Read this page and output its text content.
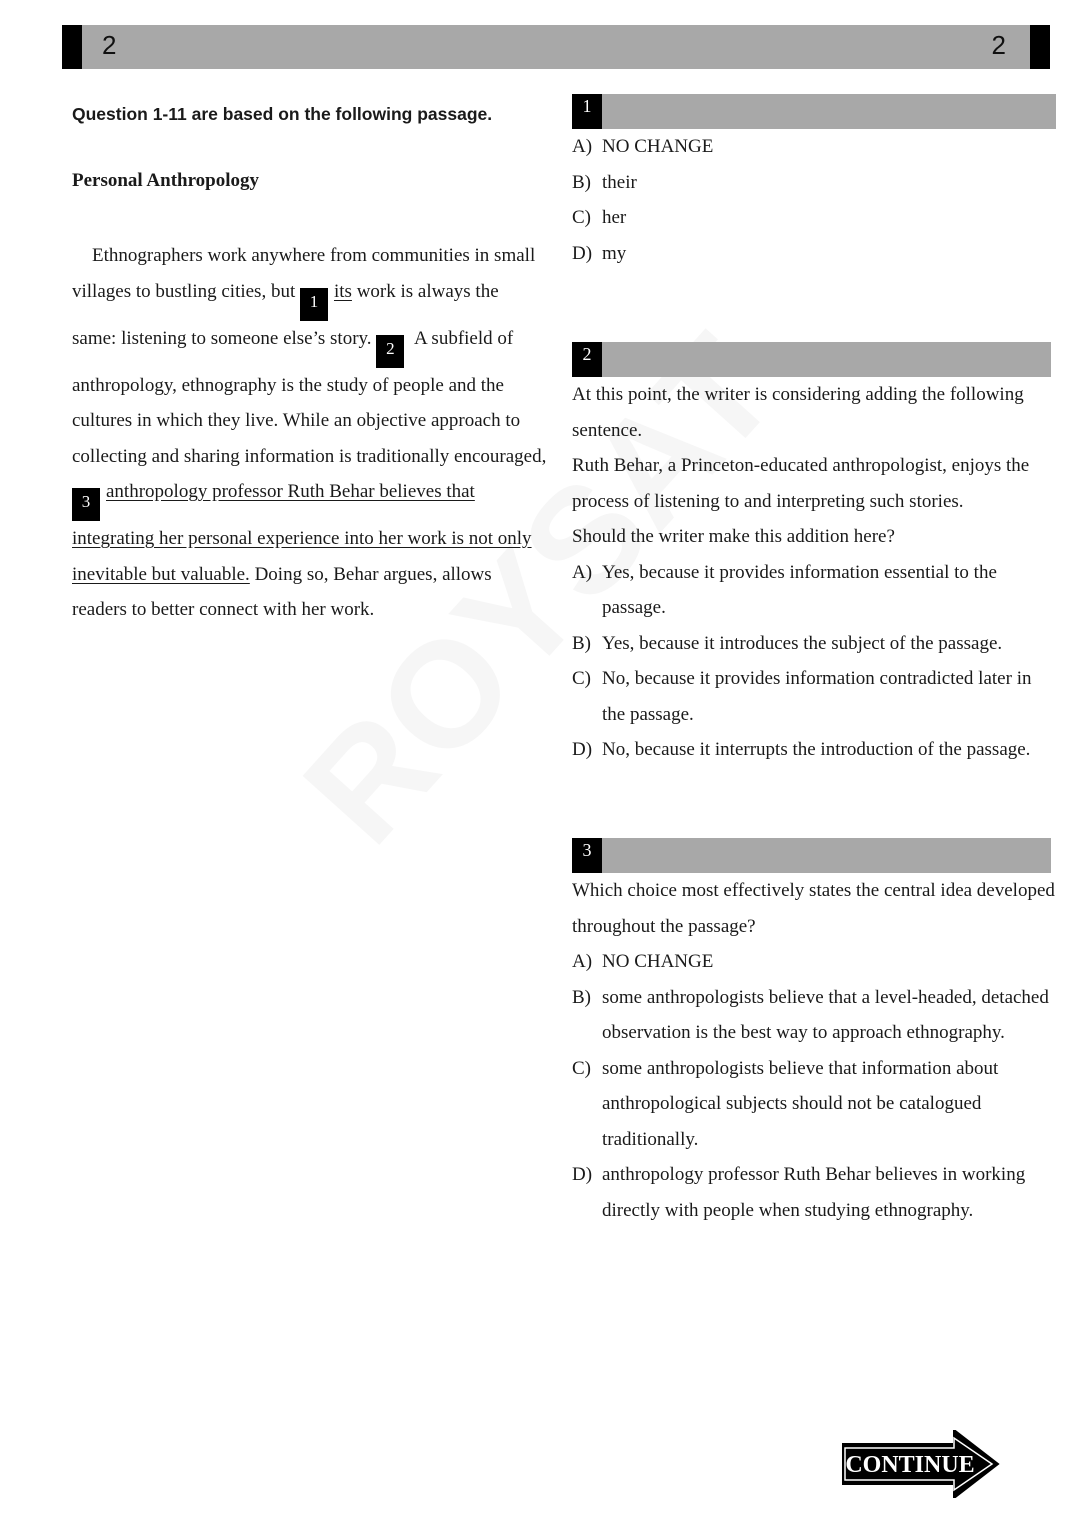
2	2

Question 1-11 are based on the following passage.

Personal Anthropology

Ethnographers work anywhere from communities in small villages to bustling cities, but 1 its work is always the same: listening to someone else’s story. 2 A subfield of anthropology, ethnography is the study of people and the cultures in which they live. While an objective approach to collecting and sharing information is traditionally encouraged, 3 anthropology professor Ruth Behar believes that integrating her personal experience into her work is not only inevitable but valuable. Doing so, Behar argues, allows readers to better connect with her work.

1
A) NO CHANGE
B) their
C) her
D) my
2

At this point, the writer is considering adding the following sentence.

Ruth Behar, a Princeton-educated anthropologist, enjoys the process of listening to and interpreting such stories.

Should the writer make this addition here?

A) Yes, because it provides information essential to the passage.
B) Yes, because it introduces the subject of the passage.
C) No, because it provides information contradicted later in the passage.
D) No, because it interrupts the introduction of the passage.
3

Which choice most effectively states the central idea developed throughout the passage?

A) NO CHANGE
B) some anthropologists believe that a level-headed, detached observation is the best way to approach ethnography.
C) some anthropologists believe that information about anthropological subjects should not be catalogued traditionally.
D) anthropology professor Ruth Behar believes in working directly with people when studying ethnography.
CONTINUE
